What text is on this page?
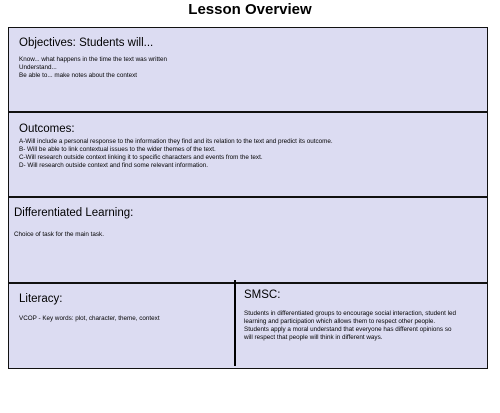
Lesson Overview
Objectives: Students will...
Know... what happens in the time the text was written
Understand...
Be able to... make notes about the context
Outcomes:
A-Will include a personal response to the information they find and its relation to the text and predict its outcome.
B- Will be able to link contextual issues to the wider themes of the text.
C-Will research outside context linking it to specific characters and events from the text.
D- Will research outside context and find some relevant information.
Differentiated Learning:
Choice of task for the main task.
Literacy:
VCOP - Key words: plot, character, theme, context
SMSC:
Students in differentiated groups to encourage social interaction, student led
learning and participation which allows them to respect other people.
Students apply a moral understand that everyone has different opinions so
will respect that people will think in different ways.
